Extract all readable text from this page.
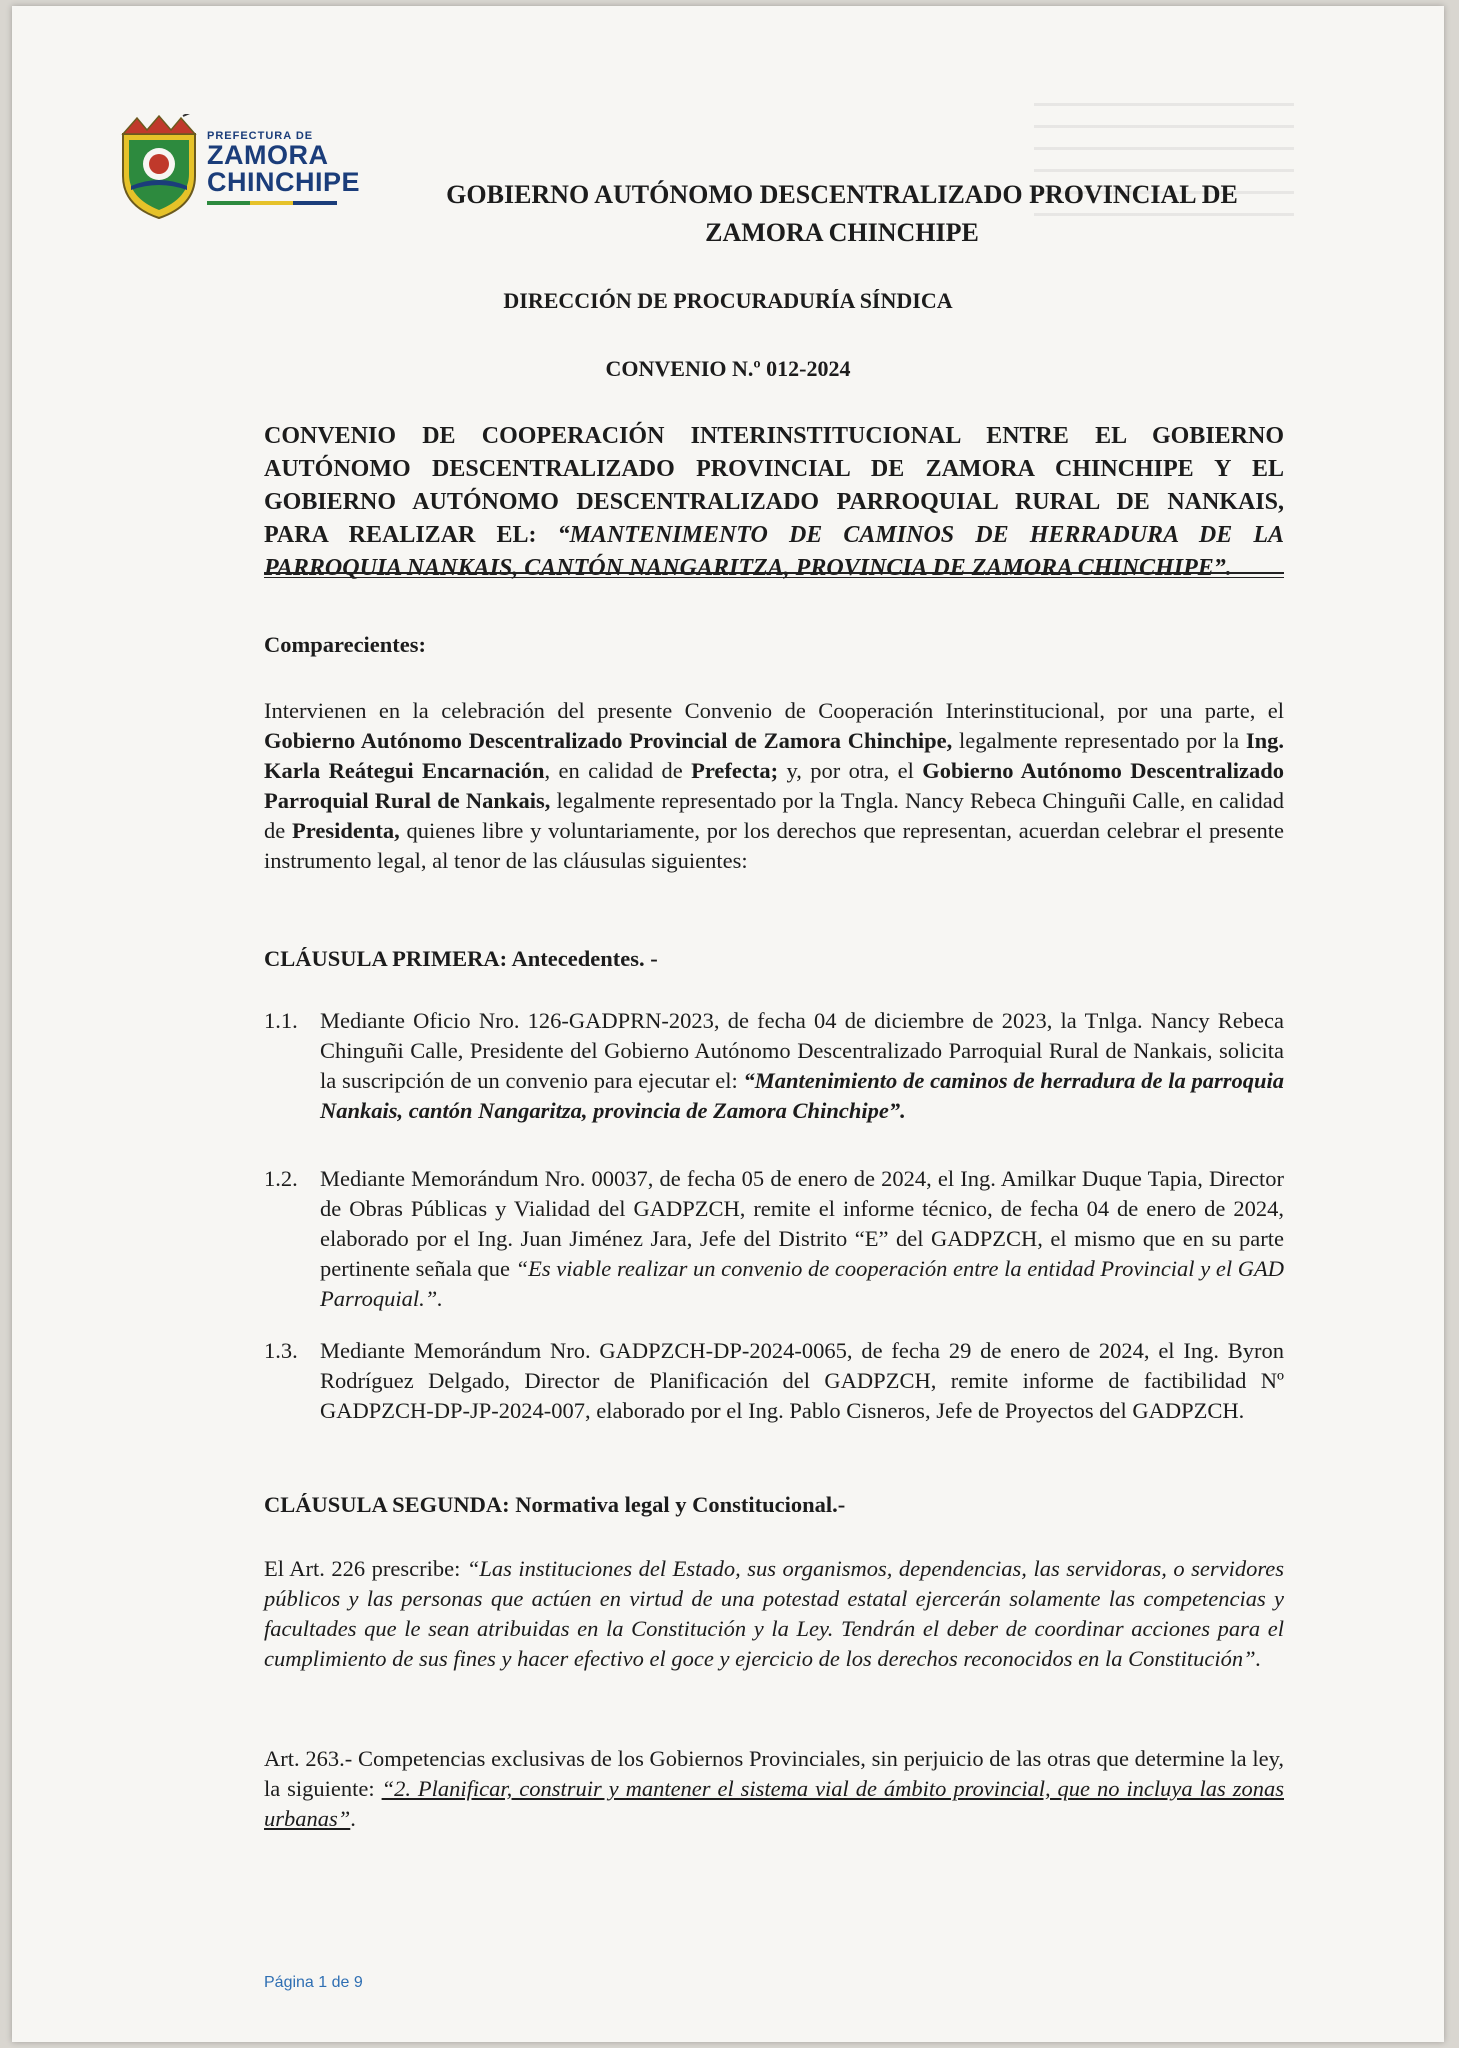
PREFECTURA DE
ZAMORA
CHINCHIPE	GOBIERNO AUTÓNOMO DESCENTRALIZADO PROVINCIAL DE
ZAMORA CHINCHIPE
DIRECCIÓN DE PROCURADURÍA SÍNDICA
CONVENIO N.º 012-2024
CONVENIO DE COOPERACIÓN INTERINSTITUCIONAL ENTRE EL GOBIERNO AUTÓNOMO DESCENTRALIZADO PROVINCIAL DE ZAMORA CHINCHIPE Y EL GOBIERNO AUTÓNOMO DESCENTRALIZADO PARROQUIAL RURAL DE NANKAIS, PARA REALIZAR EL: “MANTENIMENTO DE CAMINOS DE HERRADURA DE LA PARROQUIA NANKAIS, CANTÓN NANGARITZA, PROVINCIA DE ZAMORA CHINCHIPE”.
Comparecientes:
Intervienen en la celebración del presente Convenio de Cooperación Interinstitucional, por una parte, el Gobierno Autónomo Descentralizado Provincial de Zamora Chinchipe, legalmente representado por la Ing. Karla Reátegui Encarnación, en calidad de Prefecta; y, por otra, el Gobierno Autónomo Descentralizado Parroquial Rural de Nankais, legalmente representado por la Tngla. Nancy Rebeca Chinguñi Calle, en calidad de Presidenta, quienes libre y voluntariamente, por los derechos que representan, acuerdan celebrar el presente instrumento legal, al tenor de las cláusulas siguientes:
CLÁUSULA PRIMERA: Antecedentes. -
1.1. Mediante Oficio Nro. 126-GADPRN-2023, de fecha 04 de diciembre de 2023, la Tnlga. Nancy Rebeca Chinguñi Calle, Presidente del Gobierno Autónomo Descentralizado Parroquial Rural de Nankais, solicita la suscripción de un convenio para ejecutar el: “Mantenimiento de caminos de herradura de la parroquia Nankais, cantón Nangaritza, provincia de Zamora Chinchipe”.
1.2. Mediante Memorándum Nro. 00037, de fecha 05 de enero de 2024, el Ing. Amilkar Duque Tapia, Director de Obras Públicas y Vialidad del GADPZCH, remite el informe técnico, de fecha 04 de enero de 2024, elaborado por el Ing. Juan Jiménez Jara, Jefe del Distrito “E” del GADPZCH, el mismo que en su parte pertinente señala que “Es viable realizar un convenio de cooperación entre la entidad Provincial y el GAD Parroquial.”.
1.3. Mediante Memorándum Nro. GADPZCH-DP-2024-0065, de fecha 29 de enero de 2024, el Ing. Byron Rodríguez Delgado, Director de Planificación del GADPZCH, remite informe de factibilidad Nº GADPZCH-DP-JP-2024-007, elaborado por el Ing. Pablo Cisneros, Jefe de Proyectos del GADPZCH.
CLÁUSULA SEGUNDA: Normativa legal y Constitucional.-
El Art. 226 prescribe: “Las instituciones del Estado, sus organismos, dependencias, las servidoras, o servidores públicos y las personas que actúen en virtud de una potestad estatal ejercerán solamente las competencias y facultades que le sean atribuidas en la Constitución y la Ley. Tendrán el deber de coordinar acciones para el cumplimiento de sus fines y hacer efectivo el goce y ejercicio de los derechos reconocidos en la Constitución”.
Art. 263.- Competencias exclusivas de los Gobiernos Provinciales, sin perjuicio de las otras que determine la ley, la siguiente: “2. Planificar, construir y mantener el sistema vial de ámbito provincial, que no incluya las zonas urbanas”.
Página 1 de 9
